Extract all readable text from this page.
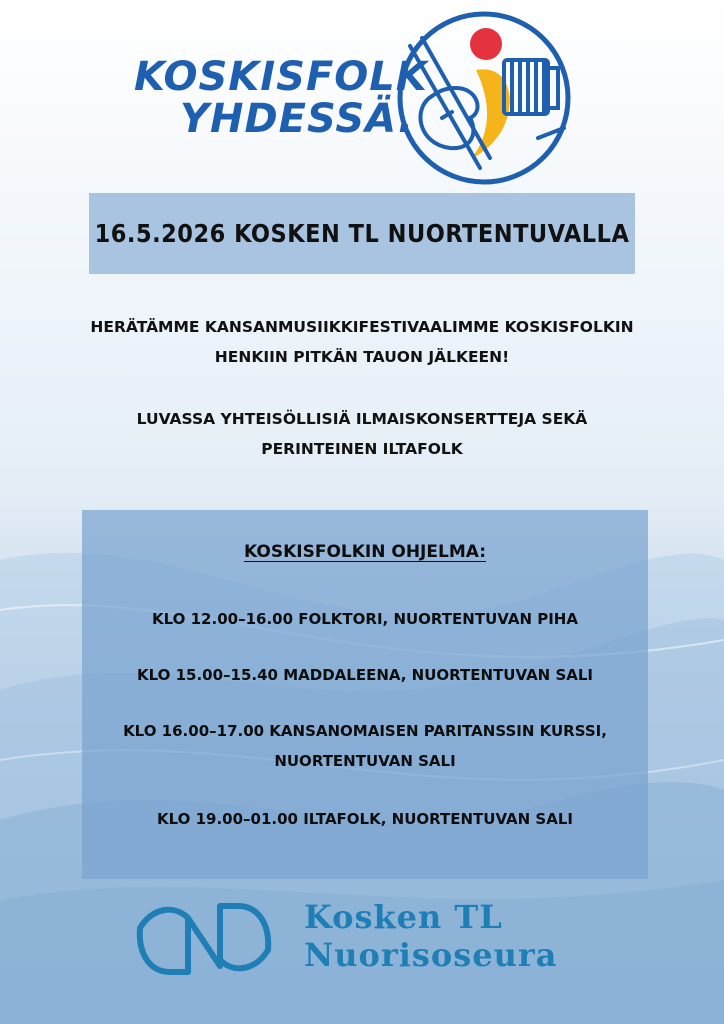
KOSKISFOLK
YHDESSÄ.
16.5.2026 KOSKEN TL NUORTENTUVALLA

HERÄTÄMME KANSANMUSIIKKIFESTIVAALIMME KOSKISFOLKIN
HENKIIN PITKÄN TAUON JÄLKEEN!

LUVASSA YHTEISÖLLISIÄ ILMAISKONSERTTEJA SEKÄ
PERINTEINEN ILTAFOLK

KOSKISFOLKIN OHJELMA:
KLO 12.00–16.00 FOLKTORI, NUORTENTUVAN PIHA
KLO 15.00–15.40 MADDALEENA, NUORTENTUVAN SALI
KLO 16.00–17.00 KANSANOMAISEN PARITANSSIN KURSSI,
NUORTENTUVAN SALI
KLO 19.00–01.00 ILTAFOLK, NUORTENTUVAN SALI
Kosken TL
Nuorisoseura
